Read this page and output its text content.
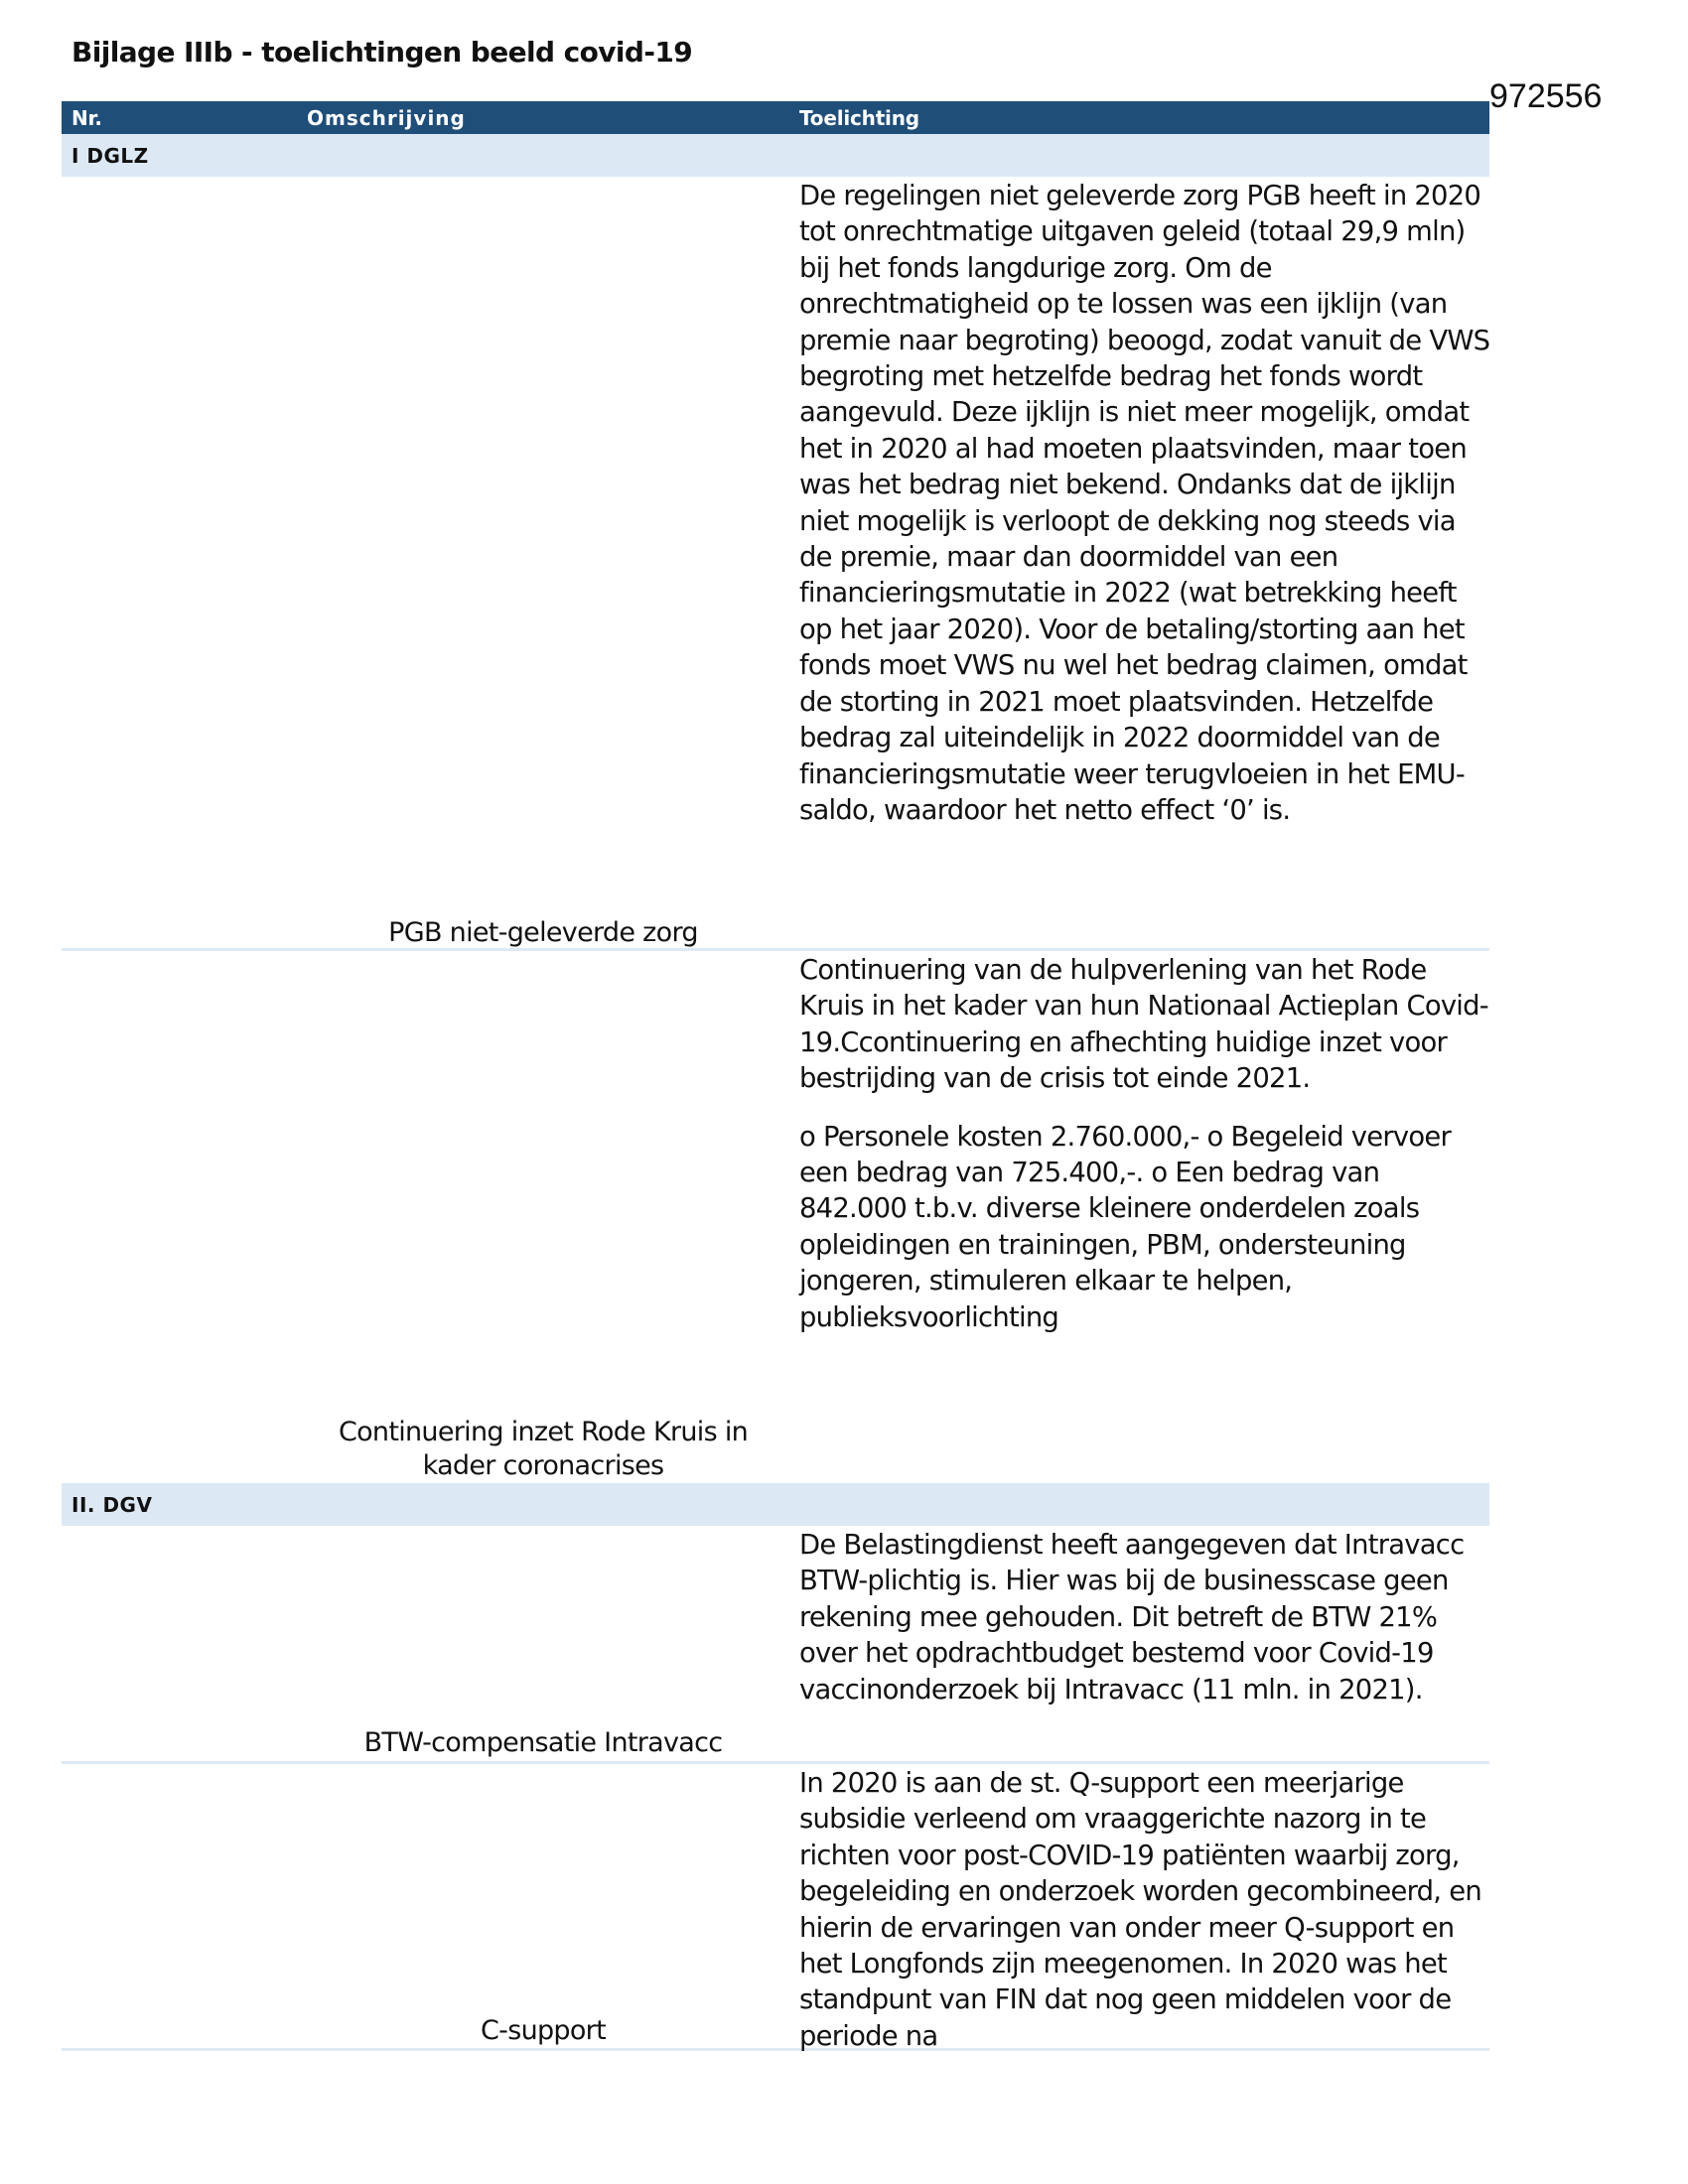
Bijlage IIIb - toelichtingen beeld covid-19
972556
Nr.	Omschrijving	Toelichting
I DGLZ

De regelingen niet geleverde zorg PGB heeft in 2020 tot onrechtmatige uitgaven geleid (totaal 29,9 mln) bij het fonds langdurige zorg. Om de onrechtmatigheid op te lossen was een ijklijn (van premie naar begroting) beoogd, zodat vanuit de VWS begroting met hetzelfde bedrag het fonds wordt aangevuld. Deze ijklijn is niet meer mogelijk, omdat het in 2020 al had moeten plaatsvinden, maar toen was het bedrag niet bekend. Ondanks dat de ijklijn niet mogelijk is verloopt de dekking nog steeds via de premie, maar dan doormiddel van een financieringsmutatie in 2022 (wat betrekking heeft op het jaar 2020). Voor de betaling/storting aan het fonds moet VWS nu wel het bedrag claimen, omdat de storting in 2021 moet plaatsvinden. Hetzelfde bedrag zal uiteindelijk in 2022 doormiddel van de financieringsmutatie weer terugvloeien in het EMU-saldo, waardoor het netto effect ‘0’ is.

PGB niet-geleverde zorg

Continuering van de hulpverlening van het Rode Kruis in het kader van hun Nationaal Actieplan Covid-19.Ccontinuering en afhechting huidige inzet voor bestrijding van de crisis tot einde 2021.

o Personele kosten 2.760.000,- o Begeleid vervoer een bedrag van 725.400,-. o Een bedrag van 842.000 t.b.v. diverse kleinere onderdelen zoals opleidingen en trainingen, PBM, ondersteuning jongeren, stimuleren elkaar te helpen, publieksvoorlichting

Continuering inzet Rode Kruis in kader coronacrises
II. DGV

De Belastingdienst heeft aangegeven dat Intravacc BTW-plichtig is. Hier was bij de businesscase geen rekening mee gehouden. Dit betreft de BTW 21% over het opdrachtbudget bestemd voor Covid-19 vaccinonderzoek bij Intravacc (11 mln. in 2021).

BTW-compensatie Intravacc

In 2020 is aan de st. Q-support een meerjarige subsidie verleend om vraaggerichte nazorg in te richten voor post-COVID-19 patiënten waarbij zorg, begeleiding en onderzoek worden gecombineerd, en hierin de ervaringen van onder meer Q-support en het Longfonds zijn meegenomen. In 2020 was het standpunt van FIN dat nog geen middelen voor de periode na

C-support
